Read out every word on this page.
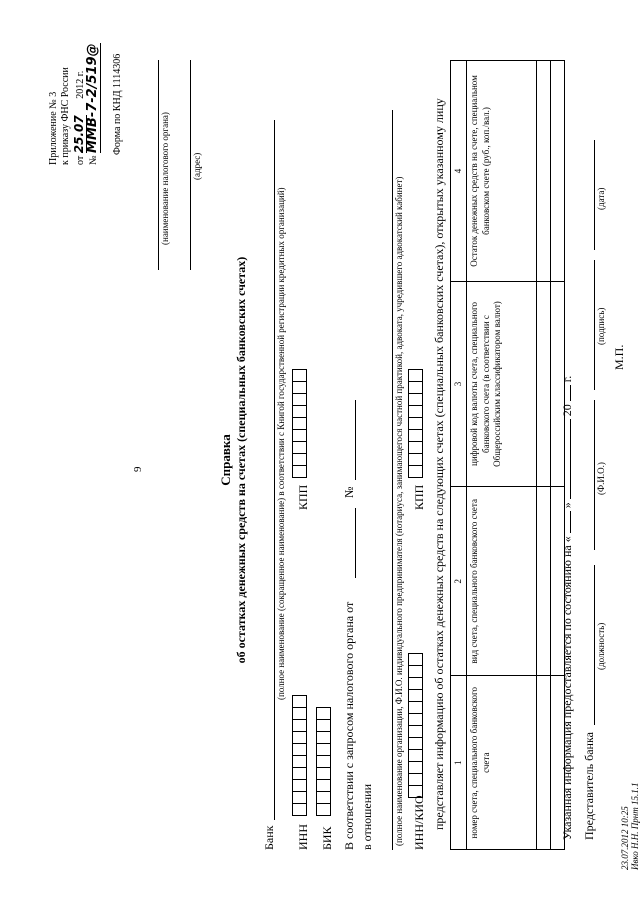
9
Приложение № 3 к приказу ФНС России от 25.07 2012 г.
№ ММВ-7-2/519@ Форма по КНД 1114306
(наименование налогового органа) (адрес)
Справка об остатках денежных средств на счетах (специальных банковских счетах)
Банк
(полное наименование (сокращенное наименование) в соответствии с Книгой государственной регистрации кредитных организаций)
ИНН
КПП
БИК В соответствии с запросом налогового органа от
№
в отношении (полное наименование организации, Ф.И.О. индивидуального предпринимателя (нотариуса, занимающегося частной практикой, адвоката, учредившего адвокатский кабинет) ИНН/КИО
КПП представляет информацию об остатках денежных средств на следующих счетах (специальных банковских счетах), открытых указанному лицу 1	2	3	4
номер счета, специального банковского счета	вид счета, специального банковского счета	цифровой код валюты счета, специального банковского счета (в соответствии с Общероссийским классификатором валют)	Остаток денежных средств на счете, специальном банковском счете (руб., коп./вал.)

Указанная информация предоставляется по состоянию на «  »  20  г.
Представитель банка
(должность)
(Ф.И.О.)
(подпись)
(дата)
М.П.
23.07.2012 10:25 Ивко Н.Н. Прнт 15.1.1
